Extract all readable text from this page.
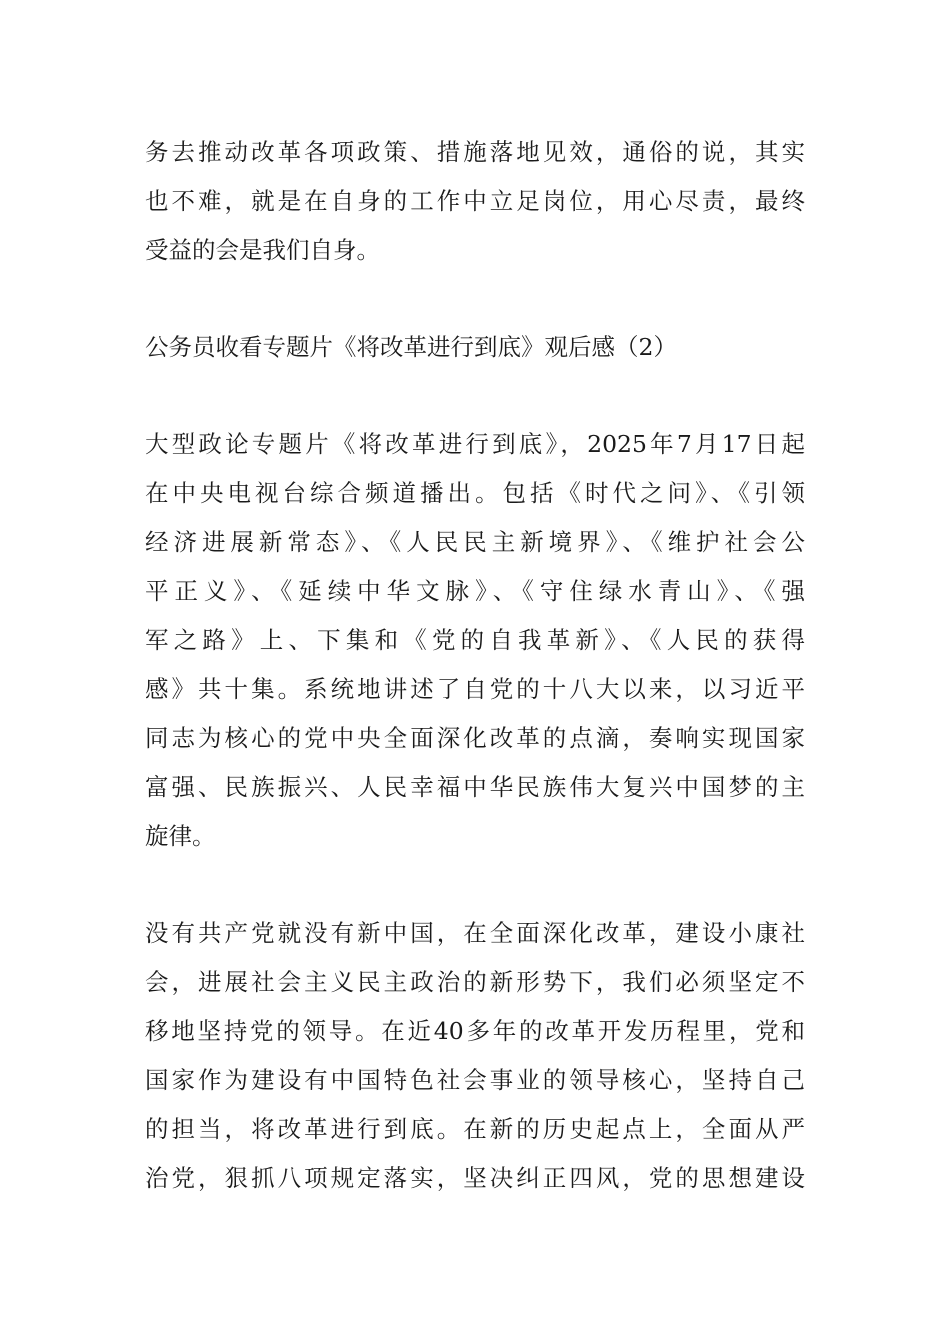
务去推动改革各项政策、措施落地见效，通俗的说，其实
也不难，就是在自身的工作中立足岗位，用心尽责，最终
受益的会是我们自身。
公务员收看专题片《将改革进行到底》观后感（2）
大型政论专题片《将改革进行到底》，2025年7月17日起
在中央电视台综合频道播出。包括《时代之问》、《引领
经济进展新常态》、《人民民主新境界》、《维护社会公
平正义》、《延续中华文脉》、《守住绿水青山》、《强
军之路》上、下集和《党的自我革新》、《人民的获得
感》共十集。系统地讲述了自党的十八大以来，以习近平
同志为核心的党中央全面深化改革的点滴，奏响实现国家
富强、民族振兴、人民幸福中华民族伟大复兴中国梦的主
旋律。
没有共产党就没有新中国，在全面深化改革，建设小康社
会，进展社会主义民主政治的新形势下，我们必须坚定不
移地坚持党的领导。在近40多年的改革开发历程里，党和
国家作为建设有中国特色社会事业的领导核心，坚持自己
的担当，将改革进行到底。在新的历史起点上，全面从严
治党，狠抓八项规定落实，坚决纠正四风，党的思想建设
